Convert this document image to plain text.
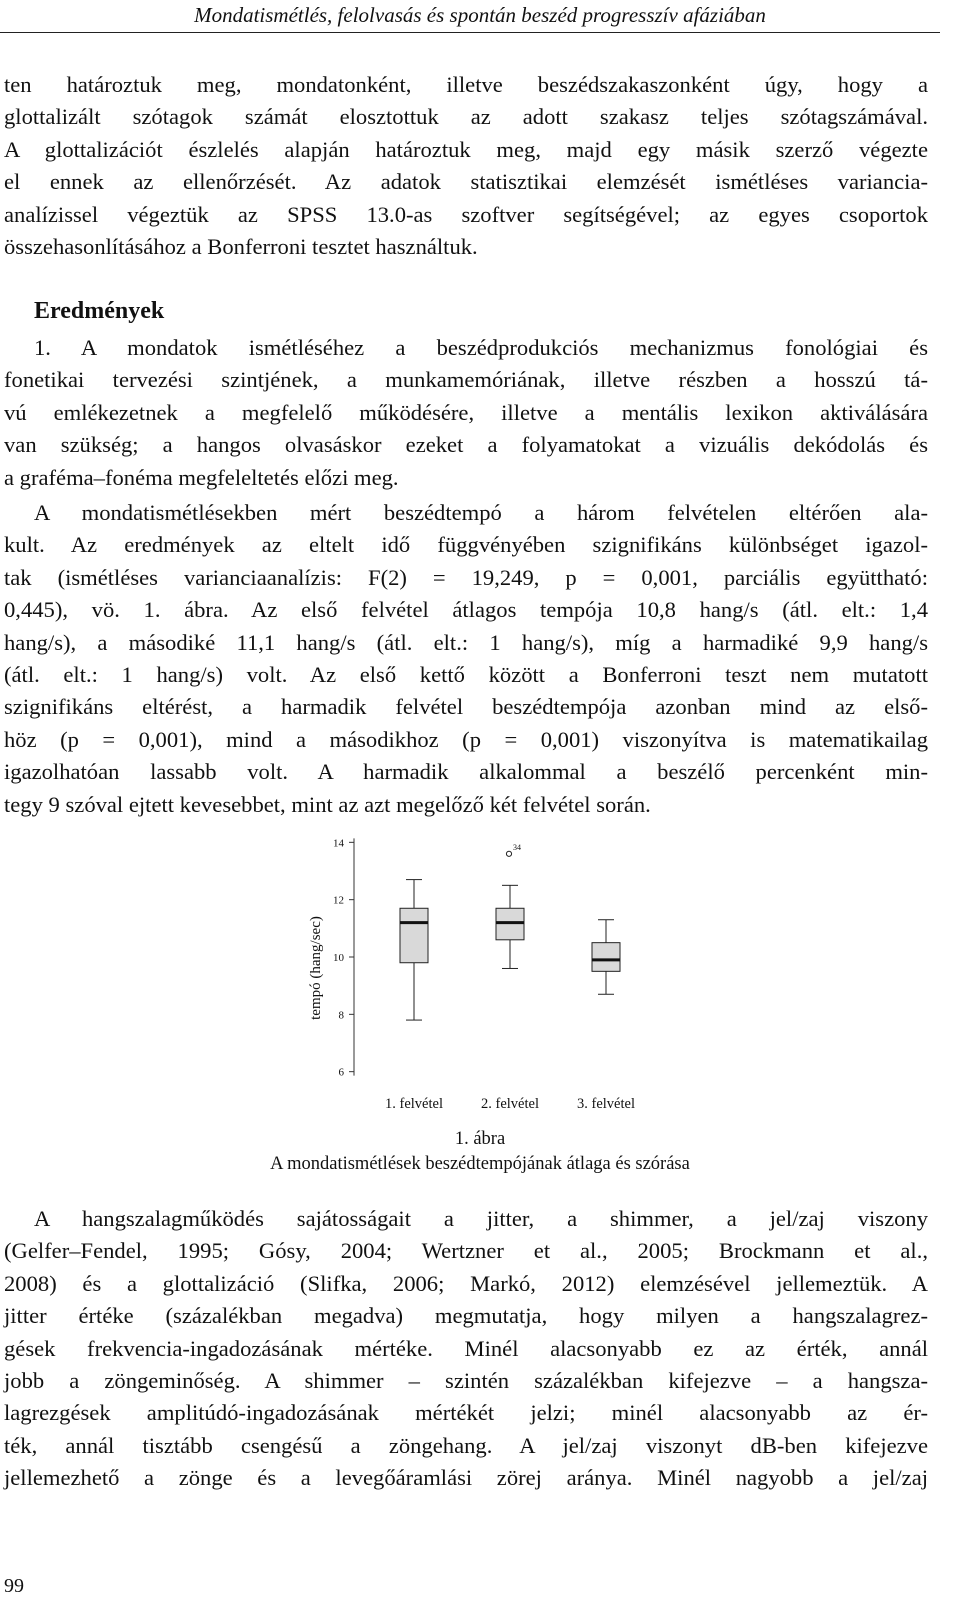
Mondatismétlés, felolvasás és spontán beszéd progresszív afáziában
ten határoztuk meg, mondatonként, illetve beszédszakaszonként úgy, hogy a
glottalizált szótagok számát elosztottuk az adott szakasz teljes szótagszámával.
A glottalizációt észlelés alapján határoztuk meg, majd egy másik szerző végezte
el ennek az ellenőrzését. Az adatok statisztikai elemzését ismétléses variancia-
analízissel végeztük az SPSS 13.0-as szoftver segítségével; az egyes csoportok
összehasonlításához a Bonferroni tesztet használtuk.
Eredmények
1. A mondatok ismétléséhez a beszédprodukciós mechanizmus fonológiai és
fonetikai tervezési szintjének, a munkamemóriának, illetve részben a hosszú tá-
vú emlékezetnek a megfelelő működésére, illetve a mentális lexikon aktiválására
van szükség; a hangos olvasáskor ezeket a folyamatokat a vizuális dekódolás és
a graféma–fonéma megfeleltetés előzi meg.
A mondatismétlésekben mért beszédtempó a három felvételen eltérően ala-
kult. Az eredmények az eltelt idő függvényében szignifikáns különbséget igazol-
tak (ismétléses varianciaanalízis: F(2) = 19,249, p = 0,001, parciális együttható:
0,445), vö. 1. ábra. Az első felvétel átlagos tempója 10,8 hang/s (átl. elt.: 1,4
hang/s), a másodiké 11,1 hang/s (átl. elt.: 1 hang/s), míg a harmadiké 9,9 hang/s
(átl. elt.: 1 hang/s) volt. Az első kettő között a Bonferroni teszt nem mutatott
szignifikáns eltérést, a harmadik felvétel beszédtempója azonban mind az első-
höz (p = 0,001), mind a másodikhoz (p = 0,001) viszonyítva is matematikailag
igazolhatóan lassabb volt. A harmadik alkalommal a beszélő percenként min-
tegy 9 szóval ejtett kevesebbet, mint az azt megelőző két felvétel során.
tempó (hang/sec)
6
8
10
12
14
1. felvétel	2. felvétel	3. felvétel
34
1. ábra
A mondatismétlések beszédtempójának átlaga és szórása
A hangszalagműködés sajátosságait a jitter, a shimmer, a jel/zaj viszony
(Gelfer–Fendel, 1995; Gósy, 2004; Wertzner et al., 2005; Brockmann et al.,
2008) és a glottalizáció (Slifka, 2006; Markó, 2012) elemzésével jellemeztük. A
jitter értéke (százalékban megadva) megmutatja, hogy milyen a hangszalagrez-
gések frekvencia-ingadozásának mértéke. Minél alacsonyabb ez az érték, annál
jobb a zöngeminőség. A shimmer – szintén százalékban kifejezve – a hangsza-
lagrezgések amplitúdó-ingadozásának mértékét jelzi; minél alacsonyabb az ér-
ték, annál tisztább csengésű a zöngehang. A jel/zaj viszonyt dB-ben kifejezve
jellemezhető a zönge és a levegőáramlási zörej aránya. Minél nagyobb a jel/zaj
99
